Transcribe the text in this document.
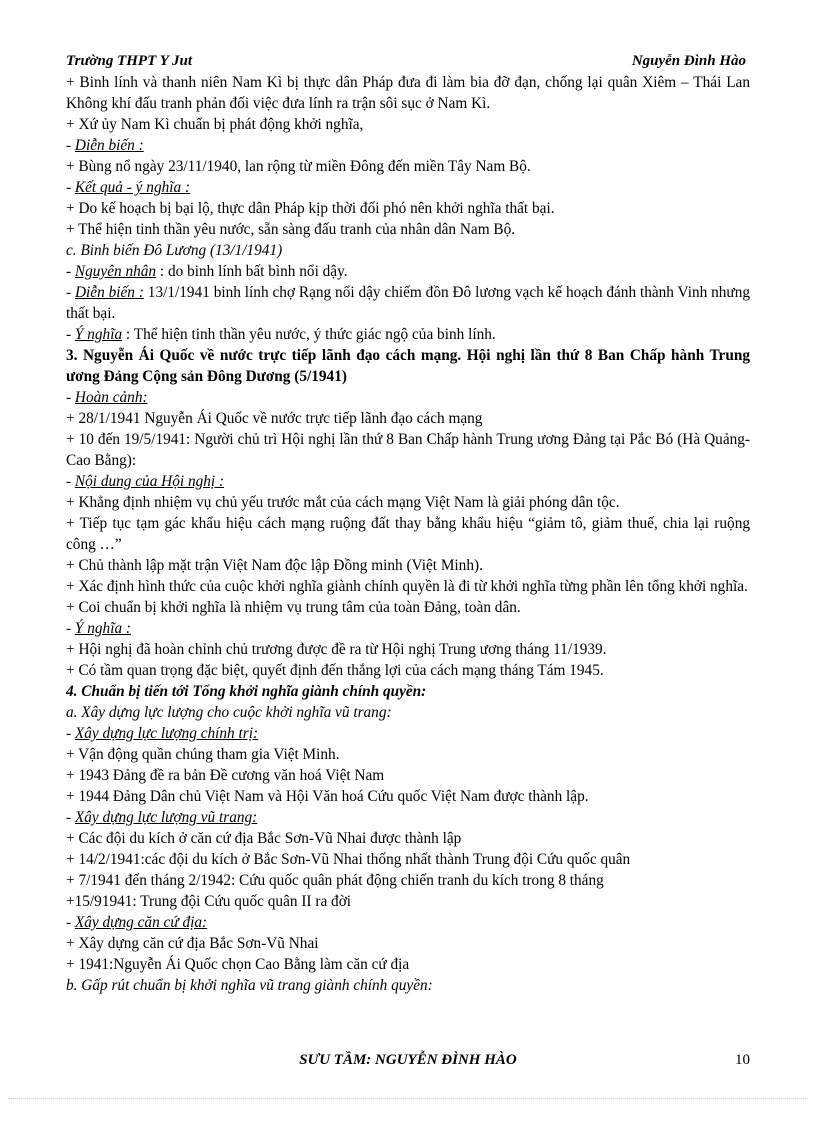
Trường THPT Y Jut	Nguyễn Đình Hào
+ Binh lính và thanh niên Nam Kì bị thực dân Pháp đưa đi làm bia đỡ đạn, chống lại quân Xiêm – Thái Lan Không khí đấu tranh phản đối việc đưa lính ra trận sôi sục ở Nam Kì.
+ Xứ ủy Nam Kì chuẩn bị phát động khởi nghĩa,
- Diễn biến :
+ Bùng nổ ngày 23/11/1940, lan rộng từ miền Đông đến miền Tây Nam Bộ.
- Kết quả - ý nghĩa :
+ Do kế hoạch bị bại lộ, thực dân Pháp kịp thời đối phó nên khởi nghĩa thất bại.
+ Thể hiện tinh thần yêu nước, sẵn sàng đấu tranh của nhân dân Nam Bộ.
c. Binh biến Đô Lương (13/1/1941)
- Nguyên nhân : do binh lính bất bình nổi dậy.
- Diễn biến : 13/1/1941 binh lính chợ Rạng nổi dậy chiếm đồn Đô lương vạch kế hoạch đánh thành Vinh nhưng thất bại.
- Ý nghĩa : Thể hiện tinh thần yêu nước, ý thức giác ngộ của binh lính.
3. Nguyễn Ái Quốc về nước trực tiếp lãnh đạo cách mạng. Hội nghị lần thứ 8 Ban Chấp hành Trung ương Đảng Cộng sản Đông Dương (5/1941)
- Hoàn cảnh:
+ 28/1/1941 Nguyễn Ái Quốc về nước trực tiếp lãnh đạo cách mạng
+ 10 đến 19/5/1941: Người chủ trì Hội nghị lần thứ 8 Ban Chấp hành Trung ương Đảng tại Pắc Bó (Hà Quảng-Cao Bằng):
- Nội dung của Hội nghị :
+ Khẳng định nhiệm vụ chủ yếu trước mắt của cách mạng Việt Nam là giải phóng dân tộc.
+ Tiếp tục tạm gác khẩu hiệu cách mạng ruộng đất thay bằng khẩu hiệu “giảm tô, giảm thuế, chia lại ruộng công …”
+ Chủ thành lập mặt trận Việt Nam độc lập Đồng minh (Việt Minh).
+ Xác định hình thức của cuộc khởi nghĩa giành chính quyền là đi từ khởi nghĩa từng phần lên tổng khởi nghĩa.
+ Coi chuẩn bị khởi nghĩa là nhiệm vụ trung tâm của toàn Đảng, toàn dân.
- Ý nghĩa :
+ Hội nghị đã hoàn chỉnh chủ trương được đề ra từ Hội nghị Trung ương tháng 11/1939.
+ Có tầm quan trọng đặc biệt, quyết định đến thắng lợi của cách mạng tháng Tám 1945.
4. Chuẩn bị tiến tới Tổng khởi nghĩa giành chính quyền:
a. Xây dựng lực lượng cho cuộc khởi nghĩa vũ trang:
- Xây dựng lực lượng chính trị:
+ Vận động quần chúng tham gia Việt Minh.
+ 1943 Đảng đề ra bản Đề cương văn hoá Việt Nam
+ 1944 Đảng Dân chủ Việt Nam và Hội Văn hoá Cứu quốc Việt Nam được thành lập.
- Xây dựng lực lượng vũ trang:
+ Các đội du kích ở căn cứ địa Bắc Sơn-Vũ Nhai được thành lập
+ 14/2/1941:các đội du kích ở Bắc Sơn-Vũ Nhai thống nhất thành Trung đội Cứu quốc quân
+ 7/1941 đến tháng 2/1942: Cứu quốc quân phát động chiến tranh du kích trong 8 tháng
+15/91941: Trung đội Cứu quốc quân II ra đời
- Xây dựng căn cứ địa:
+ Xây dựng căn cứ địa Bắc Sơn-Vũ Nhai
+ 1941:Nguyễn Ái Quốc chọn Cao Bằng làm căn cứ địa
b. Gấp rút chuẩn bị khởi nghĩa vũ trang giành chính quyền:
SƯU TẦM: NGUYỄN ĐÌNH HÀO	10
